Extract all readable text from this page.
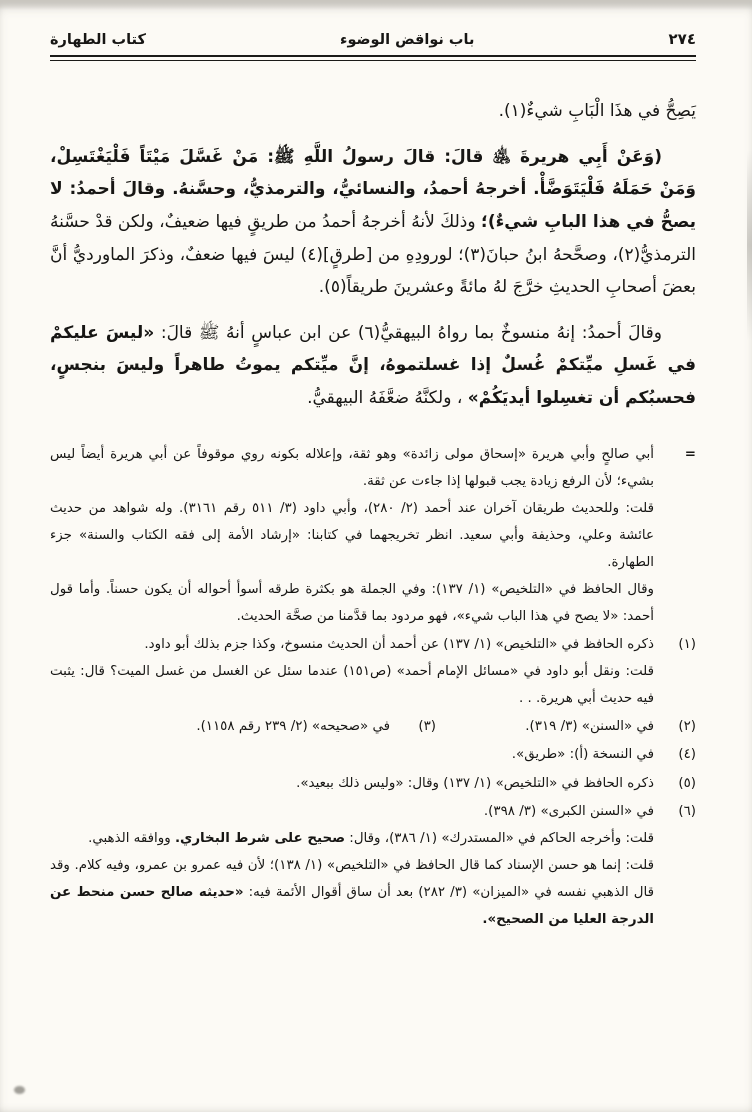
٢٧٤
باب نواقض الوضوء
كتاب الطهارة

يَصِحُّ في هذَا الْبَابِ شيءٌ(١).

(وَعَنْ أَبِي هريرةَ ﵁ قالَ: قالَ رسولُ اللَّهِ ﷺ: مَنْ غَسَّلَ مَيْتَاً فَلْيَغْتَسِلْ، وَمَنْ حَمَلَهُ فَلْيَتَوَضَّأْ. أخرجهُ أحمدُ، والنسائيُّ، والترمذيُّ، وحسَّنهُ. وقالَ أحمدُ: لا يصحُّ في هذا البابِ شيءٌ)؛ وذلكَ لأنهُ أخرجهُ أحمدُ من طريقٍ فيها ضعيفٌ، ولكن قدْ حسَّنهُ الترمذيُّ(٢)، وصحَّحهُ ابنُ حبانَ(٣)؛ لورودِهِ من [طرقٍ](٤) ليسَ فيها ضعفٌ، وذكرَ الماورديُّ أنَّ بعضَ أصحابِ الحديثِ خرَّجَ لهُ مائةً وعشرينَ طريقاً(٥).

وقالَ أحمدُ: إنهُ منسوخٌ بما رواهُ البيهقيُّ(٦) عن ابن عباسٍ أنهُ ﷺ قالَ: «ليسَ عليكمْ في غَسلِ ميِّتكمْ غُسلٌ إذا غسلتموهُ، إنَّ ميِّتكم يموتُ طاهراً وليسَ بنجسٍ، فحسبُكم أن تغسِلوا أيديَكُمْ» ، ولكنَّهُ ضعَّفَهُ البيهقيُّ.

=

أبي صالحٍ وأبي هريرة «إسحاق مولى زائدة» وهو ثقة، وإعلاله بكونه روي موقوفاً عن أبي هريرة أيضاً ليس بشيء؛ لأن الرفع زيادة يجب قبولها إذا جاءت عن ثقة.

قلت: وللحديث طريقان آخران عند أحمد (٢/ ٢٨٠)، وأبي داود (٣/ ٥١١ رقم ٣١٦١). وله شواهد من حديث عائشة وعلي، وحذيفة وأبي سعيد. انظر تخريجهما في كتابنا: «إرشاد الأمة إلى فقه الكتاب والسنة» جزء الطهارة.

وقال الحافظ في «التلخيص» (١/ ١٣٧): وفي الجملة هو بكثرة طرقه أسوأ أحواله أن يكون حسناً. وأما قول أحمد: «لا يصح في هذا الباب شيء»، فهو مردود بما قدَّمنا من صحَّة الحديث.

(١)

ذكره الحافظ في «التلخيص» (١/ ١٣٧) عن أحمد أن الحديث منسوخ، وكذا جزم بذلك أبو داود.

قلت: ونقل أبو داود في «مسائل الإمام أحمد» (ص١٥١) عندما سئل عن الغسل من غسل الميت؟ قال: يثبت فيه حديث أبي هريرة. . .

(٢)
في «السنن» (٣/ ٣١٩).(٣)في «صحيحه» (٢/ ٢٣٩ رقم ١١٥٨).
(٤)

في النسخة (أ): «طريق».

(٥)

ذكره الحافظ في «التلخيص» (١/ ١٣٧) وقال: «وليس ذلك ببعيد».

(٦)

في «السنن الكبرى» (٣/ ٣٩٨).

قلت: وأخرجه الحاكم في «المستدرك» (١/ ٣٨٦)، وقال: صحيح على شرط البخاري. ووافقه الذهبي.

قلت: إنما هو حسن الإسناد كما قال الحافظ في «التلخيص» (١/ ١٣٨)؛ لأن فيه عمرو بن عمرو، وفيه كلام. وقد قال الذهبي نفسه في «الميزان» (٣/ ٢٨٢) بعد أن ساق أقوال الأئمة فيه: «حديثه صالح حسن منحط عن الدرجة العليا من الصحيح».
